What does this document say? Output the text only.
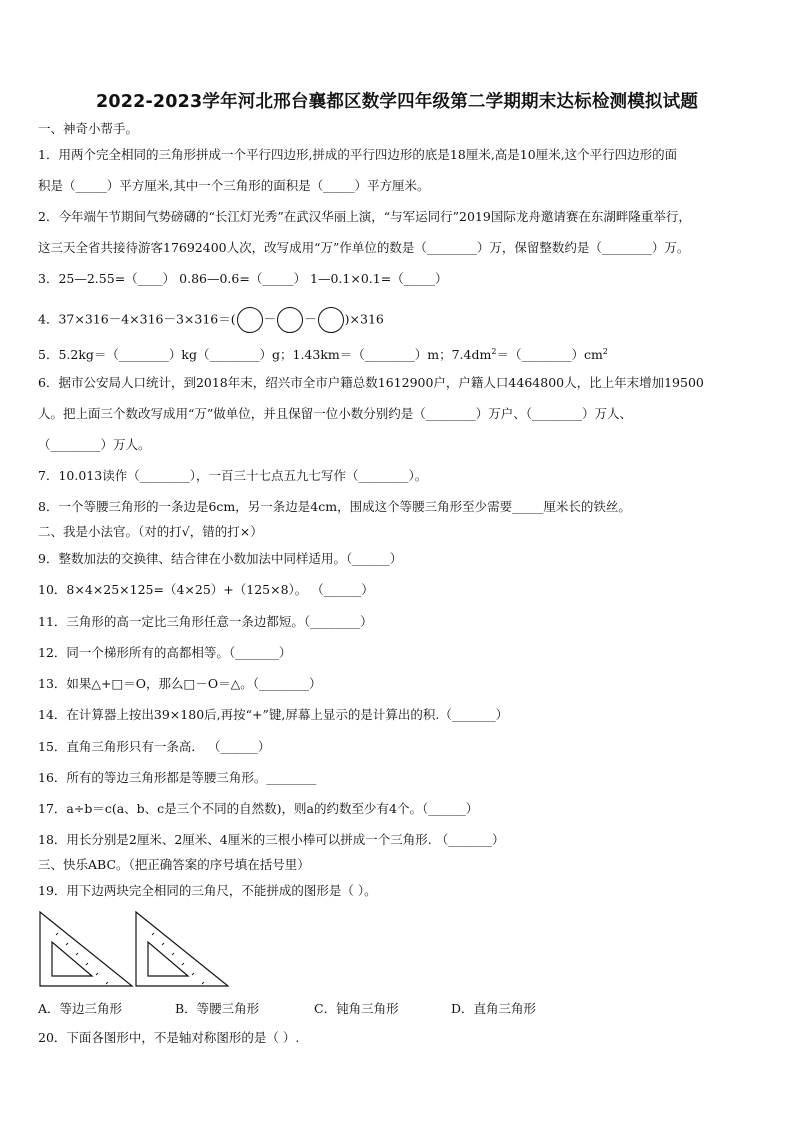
2022-2023学年河北邢台襄都区数学四年级第二学期期末达标检测模拟试题
一、神奇小帮手。
1．用两个完全相同的三角形拼成一个平行四边形,拼成的平行四边形的底是18厘米,高是10厘米,这个平行四边形的面
积是（_____）平方厘米,其中一个三角形的面积是（_____）平方厘米。
2．今年端午节期间气势磅礴的“长江灯光秀”在武汉华丽上演，“与军运同行”2019国际龙舟邀请赛在东湖畔隆重举行，
这三天全省共接待游客17692400人次，改写成用“万”作单位的数是（________）万，保留整数约是（________）万。
3．25—2.55=（____） 0.86—0.6=（_____） 1—0.1×0.1=（_____）
4．37×316－4×316－3×316＝( － － )×316
5．5.2kg＝（________）kg（________）g；1.43km＝（________）m；$7.4dm^2=(\_\_\_\_\_\_\_\_)cm^2$
6．据市公安局人口统计，到2018年末，绍兴市全市户籍总数1612900户，户籍人口4464800人，比上年末增加19500
人。把上面三个数改写成用“万”做单位，并且保留一位小数分别约是（________）万户、（________）万人、
（________）万人。
7．10.013读作（________），一百三十七点五九七写作（________）。
8．一个等腰三角形的一条边是6cm，另一条边是4cm，围成这个等腰三角形至少需要_____厘米长的铁丝。
二、我是小法官。（对的打√，错的打×）
9．整数加法的交换律、结合律在小数加法中同样适用。（______）
10．8×4×25×125=（4×25）+（125×8）。 （______）
11．三角形的高一定比三角形任意一条边都短。（________）
12．同一个梯形所有的高都相等。（_______）
13．如果△+□＝O，那么□－O＝△。（________）
14．在计算器上按出39×180后,再按“+”键,屏幕上显示的是计算出的积.（_______）
15．直角三角形只有一条高． （______）
16．所有的等边三角形都是等腰三角形。________
17．a÷b＝c(a、b、c是三个不同的自然数)，则a的约数至少有4个。（______）
18．用长分别是2厘米、2厘米、4厘米的三根小棒可以拼成一个三角形. （_______）
三、快乐ABC。（把正确答案的序号填在括号里）
19．用下边两块完全相同的三角尺，不能拼成的图形是（ ）。
A．等边三角形	B．等腰三角形	C．钝角三角形	D．直角三角形
20．下面各图形中，不是轴对称图形的是（ ）.
